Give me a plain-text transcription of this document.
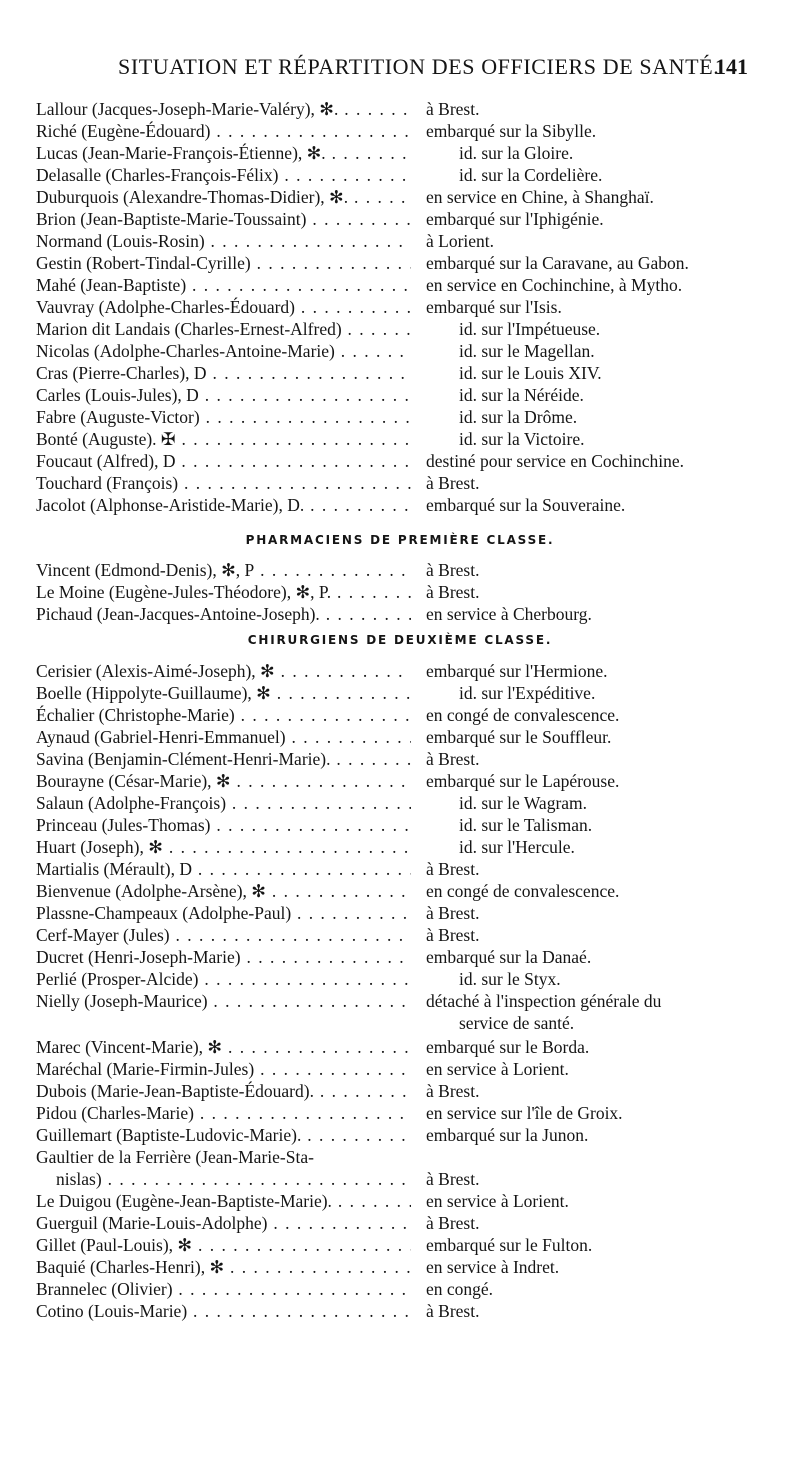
SITUATION ET RÉPARTITION DES OFFICIERS DE SANTÉ.
141
Lallour (Jacques-Joseph-Marie-Valéry), ✻. . . .	à Brest.
Riché (Eugène-Édouard) . . .	embarqué sur la Sibylle.
Lucas (Jean-Marie-François-Étienne), ✻. . . .	id. sur la Gloire.
Delasalle (Charles-François-Félix) . . .	id. sur la Cordelière.
Duburquois (Alexandre-Thomas-Didier), ✻. . . .	en service en Chine, à Shanghaï.
Brion (Jean-Baptiste-Marie-Toussaint) . . .	embarqué sur l'Iphigénie.
Normand (Louis-Rosin) . . .	à Lorient.
Gestin (Robert-Tindal-Cyrille) . . .	embarqué sur la Caravane, au Gabon.
Mahé (Jean-Baptiste) . . .	en service en Cochinchine, à Mytho.
Vauvray (Adolphe-Charles-Édouard) . . .	embarqué sur l'Isis.
Marion dit Landais (Charles-Ernest-Alfred) . . .	id. sur l'Impétueuse.
Nicolas (Adolphe-Charles-Antoine-Marie) . . .	id. sur le Magellan.
Cras (Pierre-Charles), D . . .	id. sur le Louis XIV.
Carles (Louis-Jules), D . . .	id. sur la Néréide.
Fabre (Auguste-Victor) . . .	id. sur la Drôme.
Bonté (Auguste). ✠ . . .	id. sur la Victoire.
Foucaut (Alfred), D . . .	destiné pour service en Cochinchine.
Touchard (François) . . .	à Brest.
Jacolot (Alphonse-Aristide-Marie), D. . . .	embarqué sur la Souveraine.
PHARMACIENS DE PREMIÈRE CLASSE.
Vincent (Edmond-Denis), ✻, P . . .	à Brest.
Le Moine (Eugène-Jules-Théodore), ✻, P. . . .	à Brest.
Pichaud (Jean-Jacques-Antoine-Joseph). . . .	en service à Cherbourg.
CHIRURGIENS DE DEUXIÈME CLASSE.
Cerisier (Alexis-Aimé-Joseph), ✻ . . .	embarqué sur l'Hermione.
Boelle (Hippolyte-Guillaume), ✻ . . .	id. sur l'Expéditive.
Échalier (Christophe-Marie) . . .	en congé de convalescence.
Aynaud (Gabriel-Henri-Emmanuel) . . .	embarqué sur le Souffleur.
Savina (Benjamin-Clément-Henri-Marie). . . .	à Brest.
Bourayne (César-Marie), ✻ . . .	embarqué sur le Lapérouse.
Salaun (Adolphe-François) . . .	id. sur le Wagram.
Princeau (Jules-Thomas) . . .	id. sur le Talisman.
Huart (Joseph), ✻ . . .	id. sur l'Hercule.
Martialis (Mérault), D . . .	à Brest.
Bienvenue (Adolphe-Arsène), ✻ . . .	en congé de convalescence.
Plassne-Champeaux (Adolphe-Paul) . . .	à Brest.
Cerf-Mayer (Jules) . . .	à Brest.
Ducret (Henri-Joseph-Marie) . . .	embarqué sur la Danaé.
Perlié (Prosper-Alcide) . . .	id. sur le Styx.
Nielly (Joseph-Maurice) . . .	détaché à l'inspection générale du
service de santé.
Marec (Vincent-Marie), ✻ . . .	embarqué sur le Borda.
Maréchal (Marie-Firmin-Jules) . . .	en service à Lorient.
Dubois (Marie-Jean-Baptiste-Édouard). . . .	à Brest.
Pidou (Charles-Marie) . . .	en service sur l'île de Groix.
Guillemart (Baptiste-Ludovic-Marie). . . .	embarqué sur la Junon.
Gaultier de la Ferrière (Jean-Marie-Sta-
nislas) . . .	à Brest.
Le Duigou (Eugène-Jean-Baptiste-Marie). . . .	en service à Lorient.
Guerguil (Marie-Louis-Adolphe) . . .	à Brest.
Gillet (Paul-Louis), ✻ . . .	embarqué sur le Fulton.
Baquié (Charles-Henri), ✻ . . .	en service à Indret.
Brannelec (Olivier) . . .	en congé.
Cotino (Louis-Marie) . . .	à Brest.
